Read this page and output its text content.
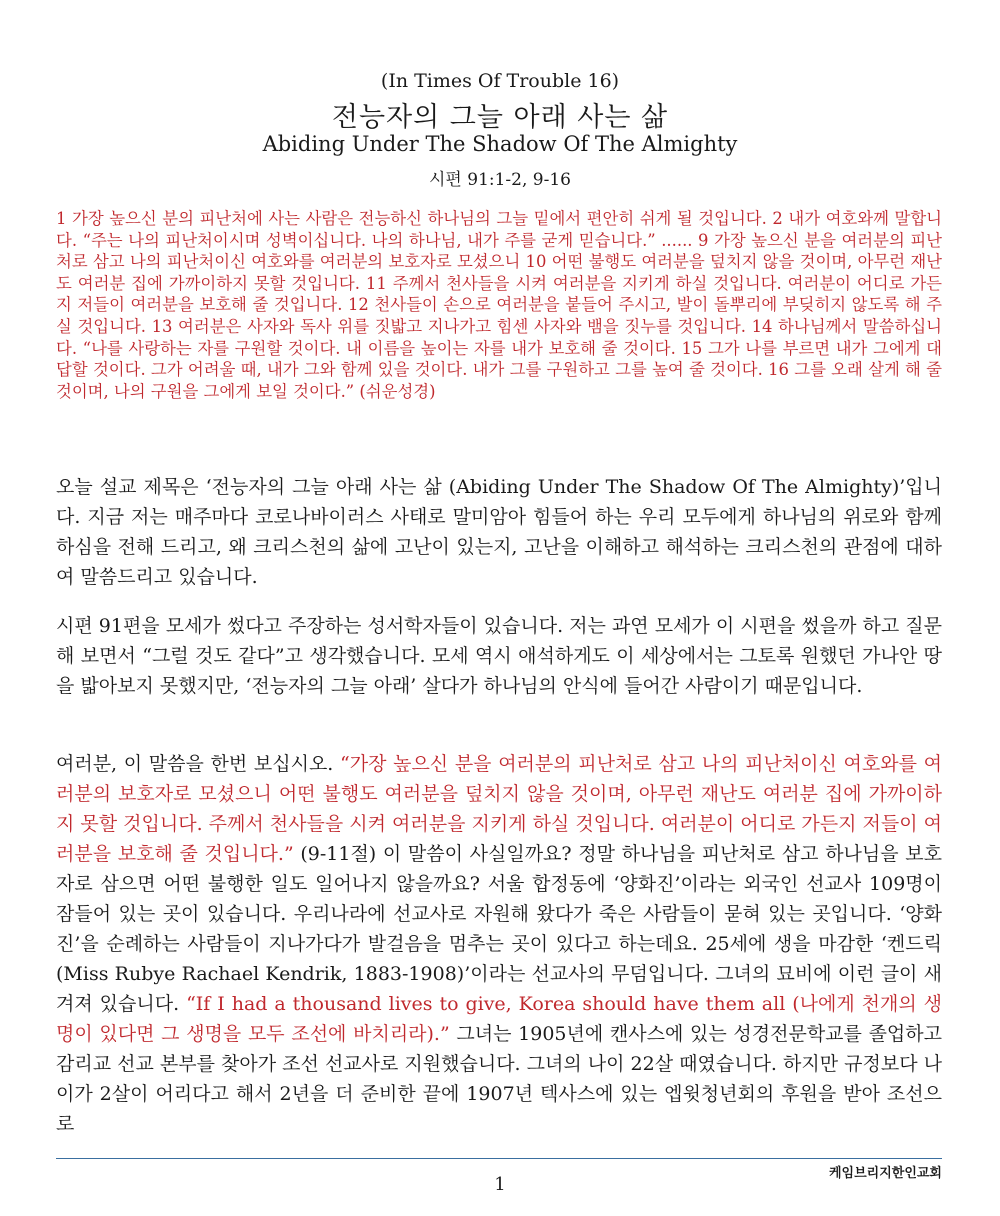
(In Times Of Trouble 16)
전능자의 그늘 아래 사는 삶
Abiding Under The Shadow Of The Almighty
시편 91:1-2, 9-16
1 가장 높으신 분의 피난처에 사는 사람은 전능하신 하나님의 그늘 밑에서 편안히 쉬게 될 것입니다. 2 내가 여호와께 말합니다. “주는 나의 피난처이시며 성벽이십니다. 나의 하나님, 내가 주를 굳게 믿습니다.” ...... 9 가장 높으신 분을 여러분의 피난처로 삼고 나의 피난처이신 여호와를 여러분의 보호자로 모셨으니 10 어떤 불행도 여러분을 덮치지 않을 것이며, 아무런 재난도 여러분 집에 가까이하지 못할 것입니다. 11 주께서 천사들을 시켜 여러분을 지키게 하실 것입니다. 여러분이 어디로 가든지 저들이 여러분을 보호해 줄 것입니다. 12 천사들이 손으로 여러분을 붙들어 주시고, 발이 돌뿌리에 부딪히지 않도록 해 주실 것입니다. 13 여러분은 사자와 독사 위를 짓밟고 지나가고 힘센 사자와 뱀을 짓누를 것입니다. 14 하나님께서 말씀하십니다. “나를 사랑하는 자를 구원할 것이다. 내 이름을 높이는 자를 내가 보호해 줄 것이다. 15 그가 나를 부르면 내가 그에게 대답할 것이다. 그가 어려울 때, 내가 그와 함께 있을 것이다. 내가 그를 구원하고 그를 높여 줄 것이다. 16 그를 오래 살게 해 줄 것이며, 나의 구원을 그에게 보일 것이다.” (쉬운성경)
오늘 설교 제목은 ‘전능자의 그늘 아래 사는 삶 (Abiding Under The Shadow Of The Almighty)’입니다. 지금 저는 매주마다 코로나바이러스 사태로 말미암아 힘들어 하는 우리 모두에게 하나님의 위로와 함께하심을 전해 드리고, 왜 크리스천의 삶에 고난이 있는지, 고난을 이해하고 해석하는 크리스천의 관점에 대하여 말씀드리고 있습니다.
시편 91편을 모세가 썼다고 주장하는 성서학자들이 있습니다. 저는 과연 모세가 이 시편을 썼을까 하고 질문해 보면서 “그럴 것도 같다”고 생각했습니다. 모세 역시 애석하게도 이 세상에서는 그토록 원했던 가나안 땅을 밟아보지 못했지만, ‘전능자의 그늘 아래’ 살다가 하나님의 안식에 들어간 사람이기 때문입니다.
여러분, 이 말씀을 한번 보십시오. “가장 높으신 분을 여러분의 피난처로 삼고 나의 피난처이신 여호와를 여러분의 보호자로 모셨으니 어떤 불행도 여러분을 덮치지 않을 것이며, 아무런 재난도 여러분 집에 가까이하지 못할 것입니다. 주께서 천사들을 시켜 여러분을 지키게 하실 것입니다. 여러분이 어디로 가든지 저들이 여러분을 보호해 줄 것입니다.” (9-11절) 이 말씀이 사실일까요? 정말 하나님을 피난처로 삼고 하나님을 보호자로 삼으면 어떤 불행한 일도 일어나지 않을까요? 서울 합정동에 ‘양화진’이라는 외국인 선교사 109명이 잠들어 있는 곳이 있습니다. 우리나라에 선교사로 자원해 왔다가 죽은 사람들이 묻혀 있는 곳입니다. ‘양화진’을 순례하는 사람들이 지나가다가 발걸음을 멈추는 곳이 있다고 하는데요. 25세에 생을 마감한 ‘켄드릭 (Miss Rubye Rachael Kendrik, 1883-1908)’이라는 선교사의 무덤입니다. 그녀의 묘비에 이런 글이 새겨져 있습니다. “If I had a thousand lives to give, Korea should have them all (나에게 천개의 생명이 있다면 그 생명을 모두 조선에 바치리라).” 그녀는 1905년에 캔사스에 있는 성경전문학교를 졸업하고 감리교 선교 본부를 찾아가 조선 선교사로 지원했습니다. 그녀의 나이 22살 때였습니다. 하지만 규정보다 나이가 2살이 어리다고 해서 2년을 더 준비한 끝에 1907년 텍사스에 있는 엡윗청년회의 후원을 받아 조선으로
1
케임브리지한인교회
